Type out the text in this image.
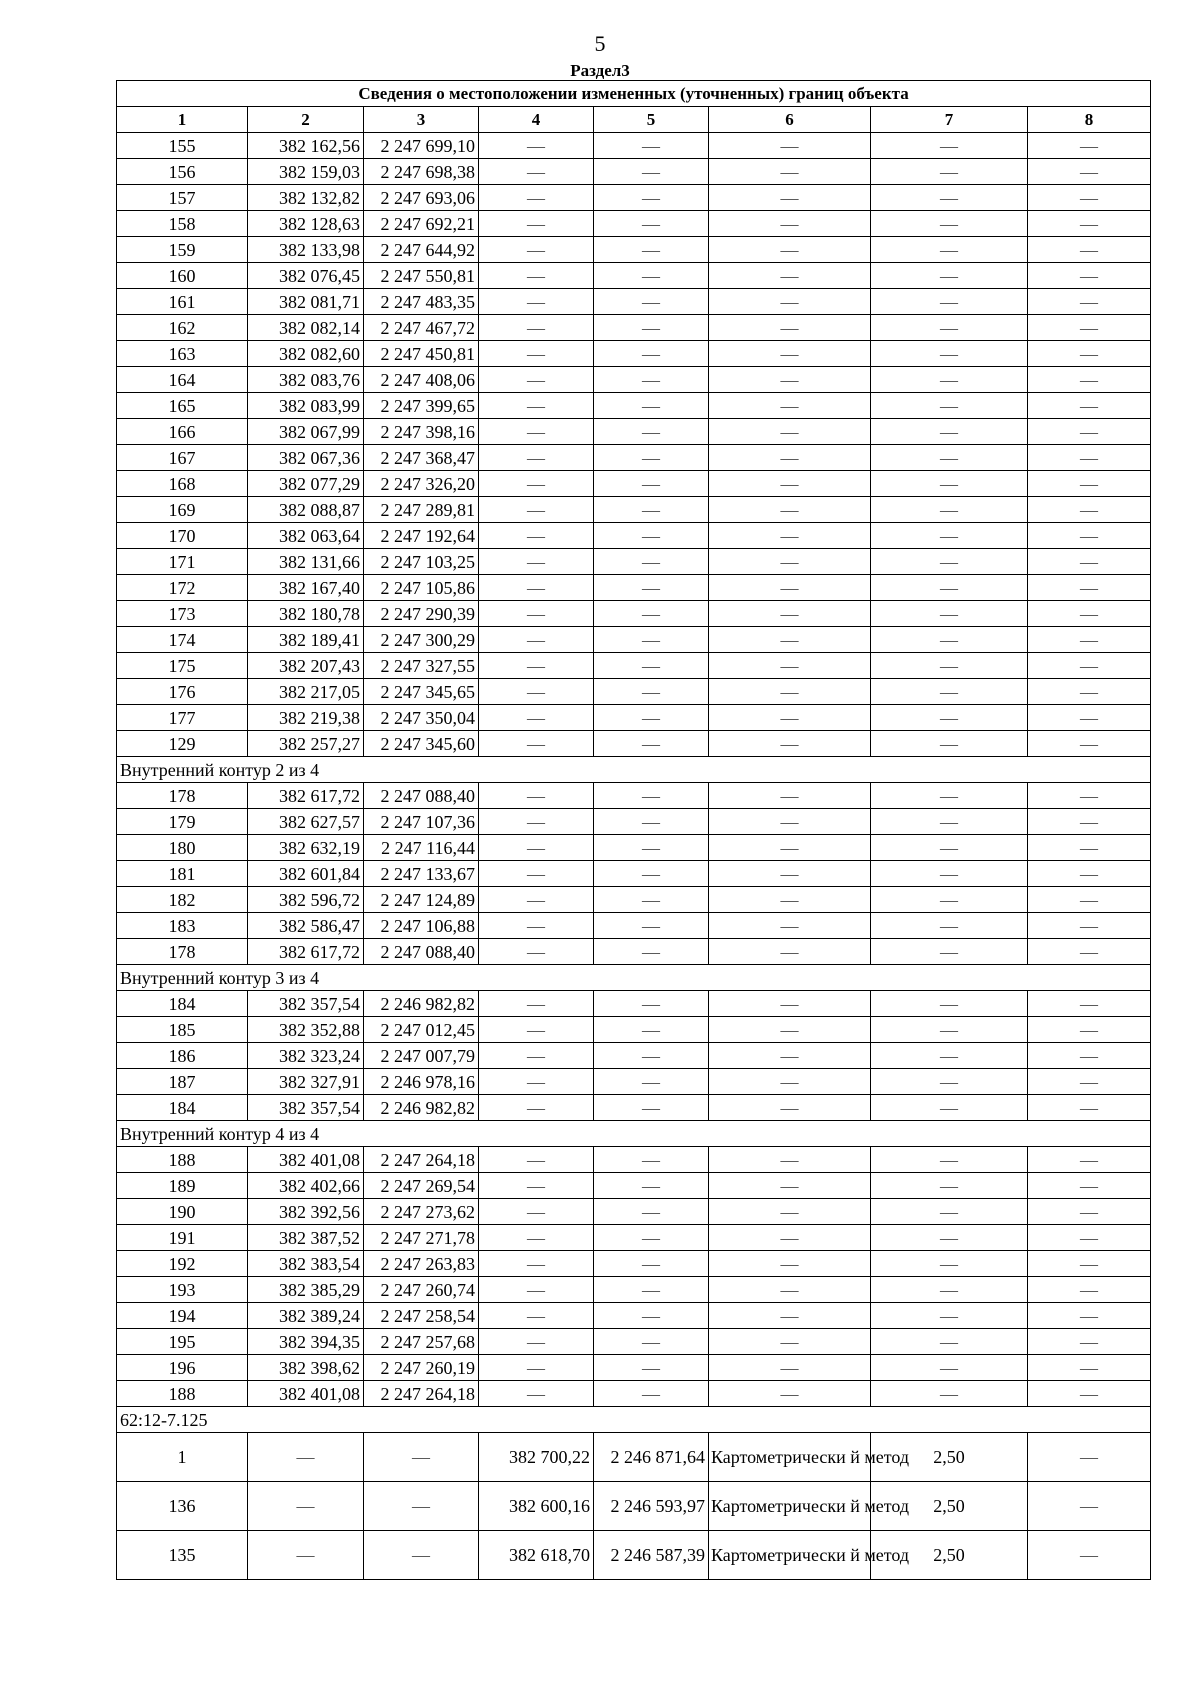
5
Раздел3
Сведения о местоположении измененных (уточненных) границ объекта							
1	2	3	4	5	6	7	8
155	382 162,56	2 247 699,10	—	—	—	—	—
156	382 159,03	2 247 698,38	—	—	—	—	—
157	382 132,82	2 247 693,06	—	—	—	—	—
158	382 128,63	2 247 692,21	—	—	—	—	—
159	382 133,98	2 247 644,92	—	—	—	—	—
160	382 076,45	2 247 550,81	—	—	—	—	—
161	382 081,71	2 247 483,35	—	—	—	—	—
162	382 082,14	2 247 467,72	—	—	—	—	—
163	382 082,60	2 247 450,81	—	—	—	—	—
164	382 083,76	2 247 408,06	—	—	—	—	—
165	382 083,99	2 247 399,65	—	—	—	—	—
166	382 067,99	2 247 398,16	—	—	—	—	—
167	382 067,36	2 247 368,47	—	—	—	—	—
168	382 077,29	2 247 326,20	—	—	—	—	—
169	382 088,87	2 247 289,81	—	—	—	—	—
170	382 063,64	2 247 192,64	—	—	—	—	—
171	382 131,66	2 247 103,25	—	—	—	—	—
172	382 167,40	2 247 105,86	—	—	—	—	—
173	382 180,78	2 247 290,39	—	—	—	—	—
174	382 189,41	2 247 300,29	—	—	—	—	—
175	382 207,43	2 247 327,55	—	—	—	—	—
176	382 217,05	2 247 345,65	—	—	—	—	—
177	382 219,38	2 247 350,04	—	—	—	—	—
129	382 257,27	2 247 345,60	—	—	—	—	—
Внутренний контур 2 из 4							
178	382 617,72	2 247 088,40	—	—	—	—	—
179	382 627,57	2 247 107,36	—	—	—	—	—
180	382 632,19	2 247 116,44	—	—	—	—	—
181	382 601,84	2 247 133,67	—	—	—	—	—
182	382 596,72	2 247 124,89	—	—	—	—	—
183	382 586,47	2 247 106,88	—	—	—	—	—
178	382 617,72	2 247 088,40	—	—	—	—	—
Внутренний контур 3 из 4							
184	382 357,54	2 246 982,82	—	—	—	—	—
185	382 352,88	2 247 012,45	—	—	—	—	—
186	382 323,24	2 247 007,79	—	—	—	—	—
187	382 327,91	2 246 978,16	—	—	—	—	—
184	382 357,54	2 246 982,82	—	—	—	—	—
Внутренний контур 4 из 4							
188	382 401,08	2 247 264,18	—	—	—	—	—
189	382 402,66	2 247 269,54	—	—	—	—	—
190	382 392,56	2 247 273,62	—	—	—	—	—
191	382 387,52	2 247 271,78	—	—	—	—	—
192	382 383,54	2 247 263,83	—	—	—	—	—
193	382 385,29	2 247 260,74	—	—	—	—	—
194	382 389,24	2 247 258,54	—	—	—	—	—
195	382 394,35	2 247 257,68	—	—	—	—	—
196	382 398,62	2 247 260,19	—	—	—	—	—
188	382 401,08	2 247 264,18	—	—	—	—	—
62:12-7.125							
1	—	—	382 700,22	2 246 871,64	Картометрически й метод	2,50	—
136	—	—	382 600,16	2 246 593,97	Картометрически й метод	2,50	—
135	—	—	382 618,70	2 246 587,39	Картометрически й метод	2,50	—
